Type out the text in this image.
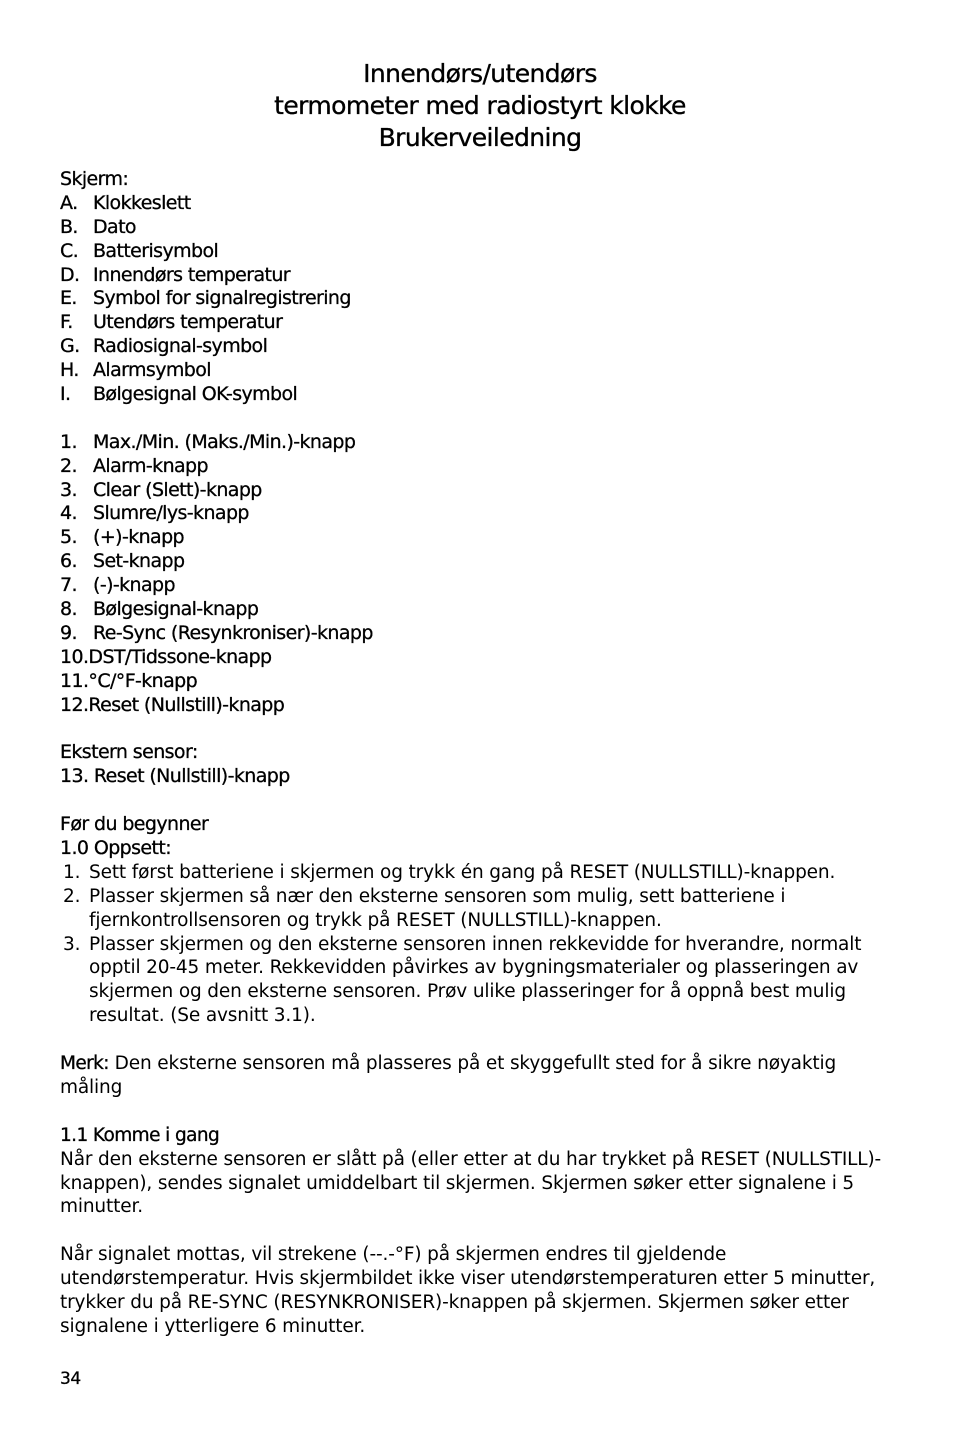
Innendørs/utendørs
termometer med radiostyrt klokke
Brukerveiledning
Skjerm:
A. Klokkeslett
B. Dato
C. Batterisymbol
D. Innendørs temperatur
E. Symbol for signalregistrering
F. Utendørs temperatur
G. Radiosignal-symbol
H. Alarmsymbol
I. Bølgesignal OK-symbol
1. Max./Min. (Maks./Min.)-knapp
2. Alarm-knapp
3. Clear (Slett)-knapp
4. Slumre/lys-knapp
5. (+)-knapp
6. Set-knapp
7. (-)-knapp
8. Bølgesignal-knapp
9. Re-Sync (Resynkroniser)-knapp
10.DST/Tidssone-knapp
11.°C/°F-knapp
12.Reset (Nullstill)-knapp
Ekstern sensor:
13. Reset (Nullstill)-knapp
Før du begynner
1.0 Oppsett:
1. Sett først batteriene i skjermen og trykk én gang på RESET (NULLSTILL)-knappen.
2. Plasser skjermen så nær den eksterne sensoren som mulig, sett batteriene i fjernkontrollsensoren og trykk på RESET (NULLSTILL)-knappen.
3. Plasser skjermen og den eksterne sensoren innen rekkevidde for hverandre, normalt opptil 20-45 meter. Rekkevidden påvirkes av bygningsmaterialer og plasseringen av skjermen og den eksterne sensoren. Prøv ulike plasseringer for å oppnå best mulig resultat. (Se avsnitt 3.1).

Merk: Den eksterne sensoren må plasseres på et skyggefullt sted for å sikre nøyaktig måling

1.1 Komme i gang

Når den eksterne sensoren er slått på (eller etter at du har trykket på RESET (NULLSTILL)-knappen), sendes signalet umiddelbart til skjermen. Skjermen søker etter signalene i 5 minutter.

Når signalet mottas, vil strekene (--.-°F) på skjermen endres til gjeldende utendørstemperatur. Hvis skjermbildet ikke viser utendørstemperaturen etter 5 minutter, trykker du på RE-SYNC (RESYNKRONISER)-knappen på skjermen. Skjermen søker etter signalene i ytterligere 6 minutter.

34
